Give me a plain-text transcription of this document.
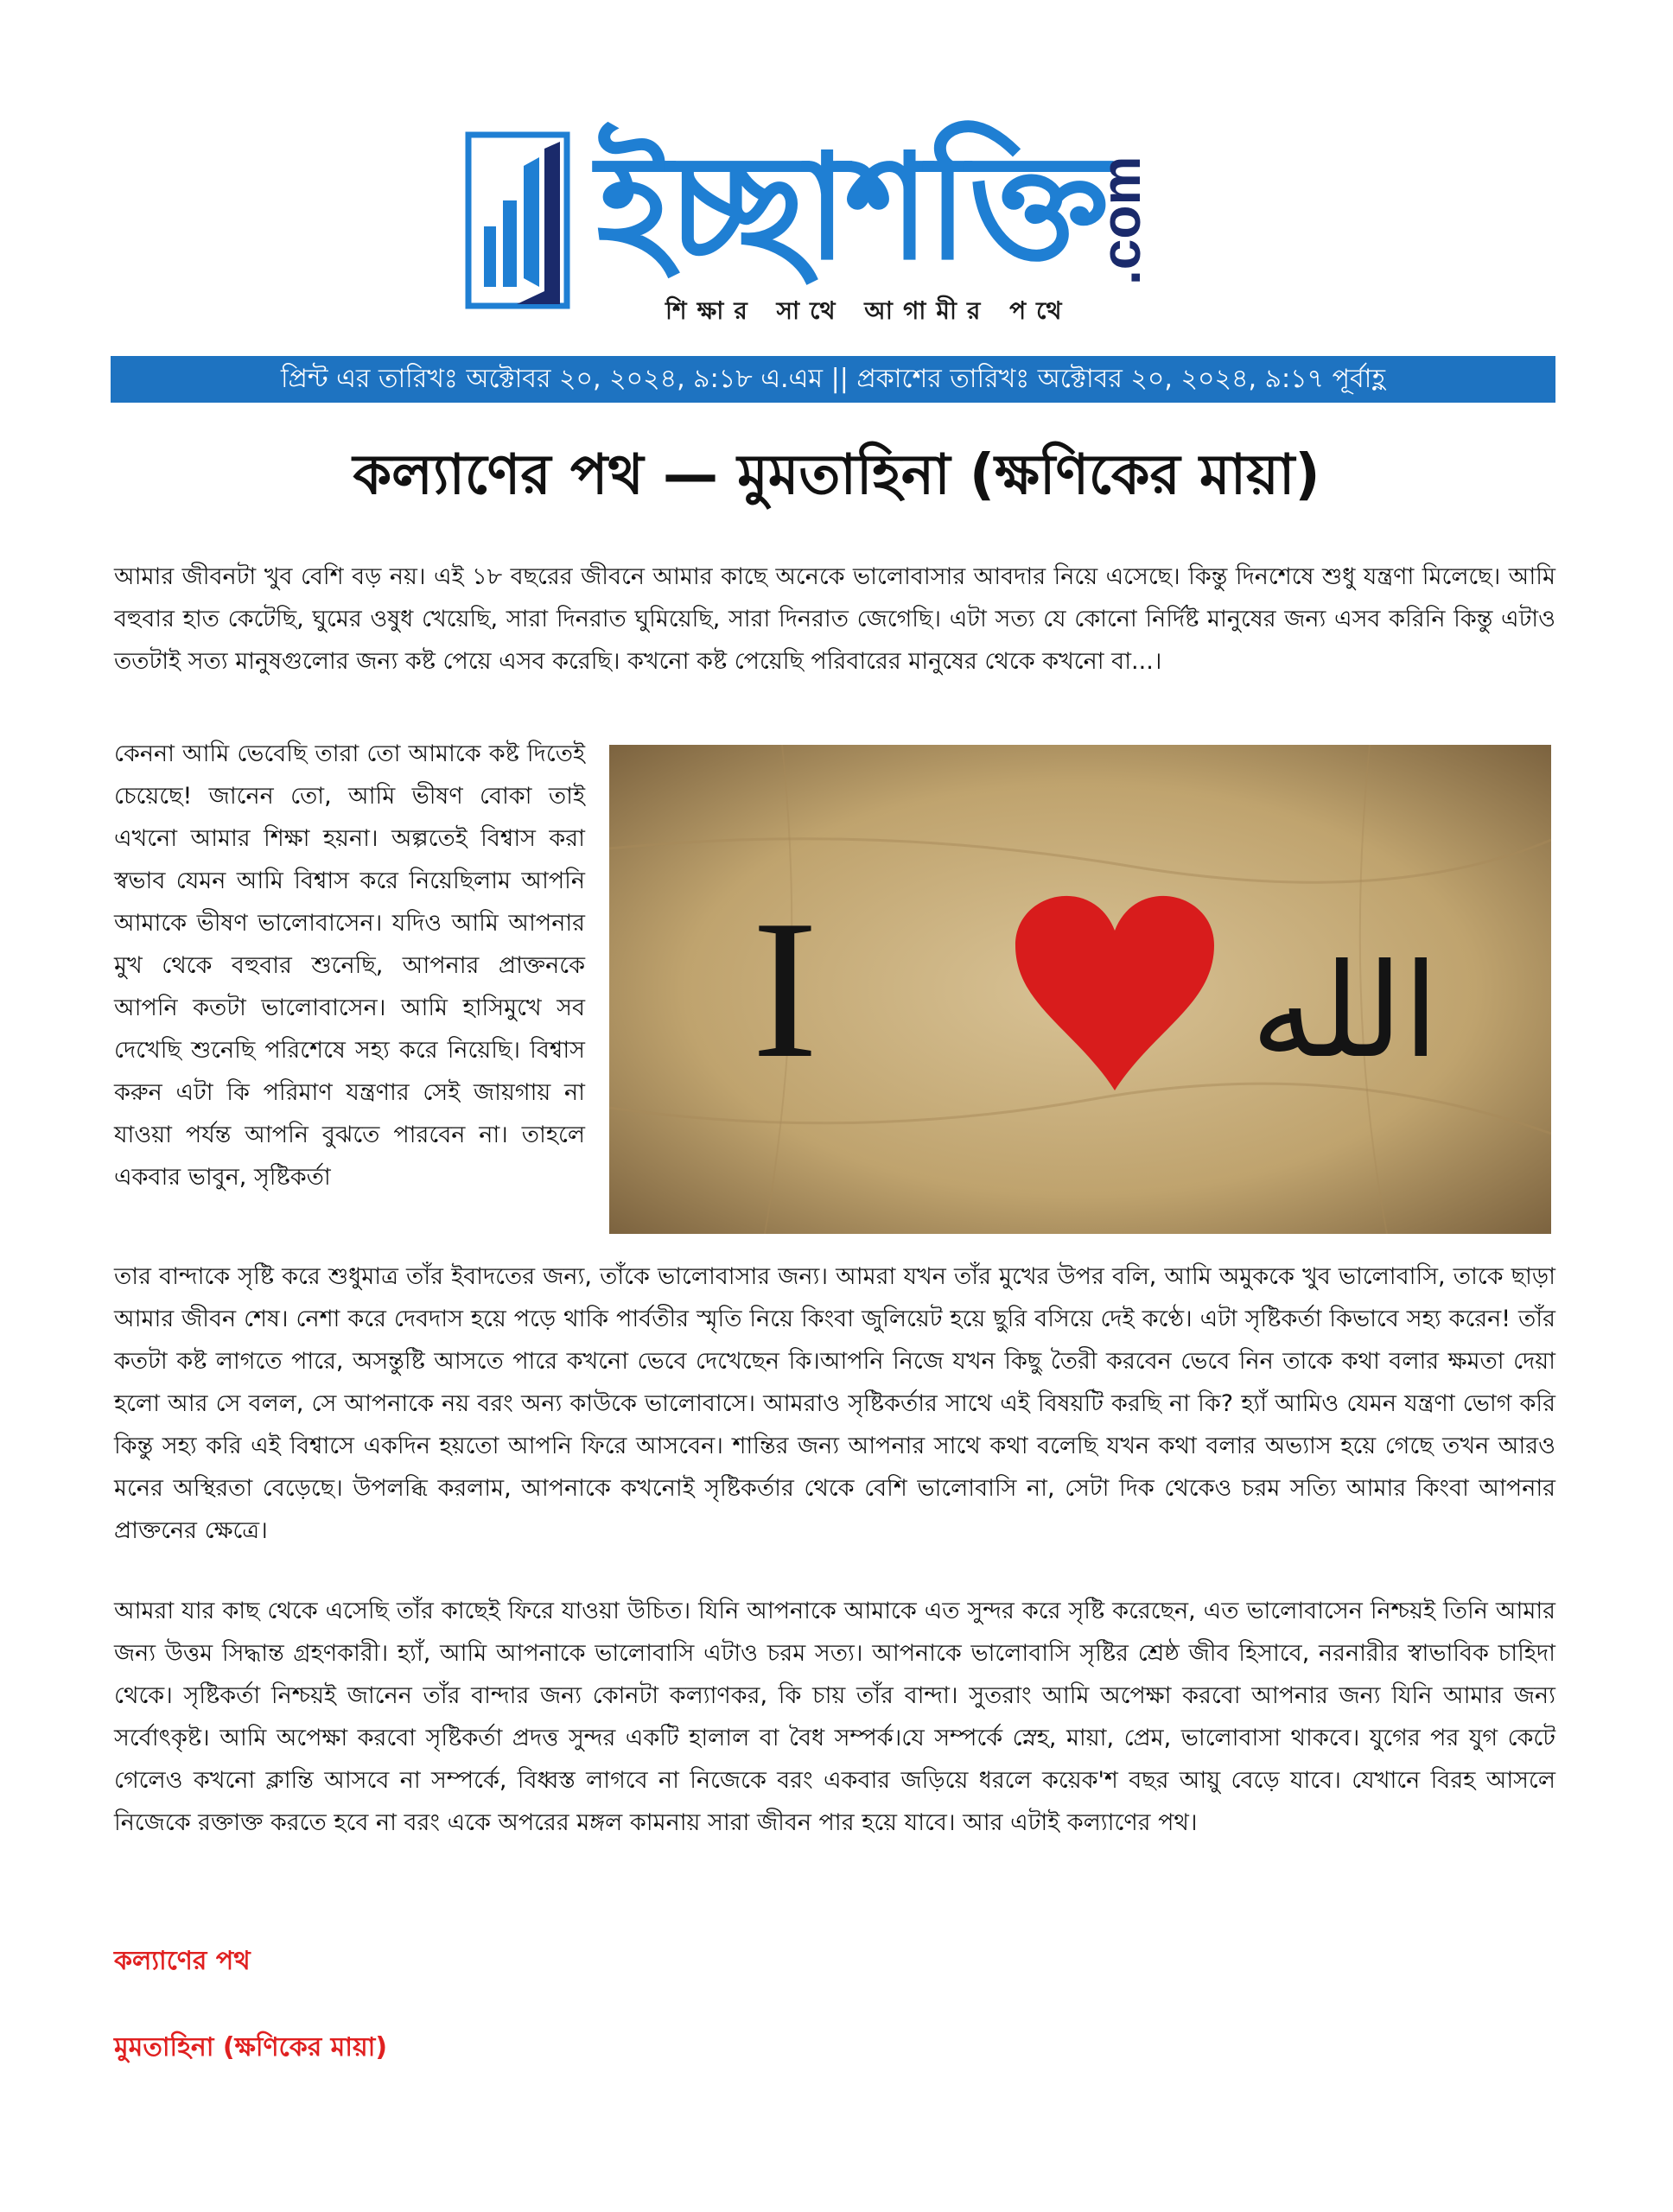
ইচ্ছাশক্তি
.com
শিক্ষার সাথে আগামীর পথে
প্রিন্ট এর তারিখঃ অক্টোবর ২০, ২০২৪, ৯:১৮ এ.এম || প্রকাশের তারিখঃ অক্টোবর ২০, ২০২৪, ৯:১৭ পূর্বাহ্ণ
কল্যাণের পথ — মুমতাহিনা (ক্ষণিকের মায়া)

আমার জীবনটা খুব বেশি বড় নয়। এই ১৮ বছরের জীবনে আমার কাছে অনেকে ভালোবাসার আবদার নিয়ে এসেছে। কিন্তু দিনশেষে শুধু যন্ত্রণা মিলেছে। আমি বহুবার হাত কেটেছি, ঘুমের ওষুধ খেয়েছি, সারা দিনরাত ঘুমিয়েছি, সারা দিনরাত জেগেছি। এটা সত্য যে কোনো নির্দিষ্ট মানুষের জন্য এসব করিনি কিন্তু এটাও ততটাই সত্য মানুষগুলোর জন্য কষ্ট পেয়ে এসব করেছি। কখনো কষ্ট পেয়েছি পরিবারের মানুষের থেকে কখনো বা...।

কেননা আমি ভেবেছি তারা তো আমাকে কষ্ট দিতেই চেয়েছে! জানেন তো, আমি ভীষণ বোকা তাই এখনো আমার শিক্ষা হয়না। অল্পতেই বিশ্বাস করা স্বভাব যেমন আমি বিশ্বাস করে নিয়েছিলাম আপনি আমাকে ভীষণ ভালোবাসেন। যদিও আমি আপনার মুখ থেকে বহুবার শুনেছি, আপনার প্রাক্তনকে আপনি কতটা ভালোবাসেন। আমি হাসিমুখে সব দেখেছি শুনেছি পরিশেষে সহ্য করে নিয়েছি। বিশ্বাস করুন এটা কি পরিমাণ যন্ত্রণার সেই জায়গায় না যাওয়া পর্যন্ত আপনি বুঝতে পারবেন না। তাহলে একবার ভাবুন, সৃষ্টিকর্তা

I	الله

তার বান্দাকে সৃষ্টি করে শুধুমাত্র তাঁর ইবাদতের জন্য, তাঁকে ভালোবাসার জন্য। আমরা যখন তাঁর মুখের উপর বলি, আমি অমুককে খুব ভালোবাসি, তাকে ছাড়া আমার জীবন শেষ। নেশা করে দেবদাস হয়ে পড়ে থাকি পার্বতীর স্মৃতি নিয়ে কিংবা জুলিয়েট হয়ে ছুরি বসিয়ে দেই কণ্ঠে। এটা সৃষ্টিকর্তা কিভাবে সহ্য করেন! তাঁর কতটা কষ্ট লাগতে পারে, অসন্তুষ্টি আসতে পারে কখনো ভেবে দেখেছেন কি।আপনি নিজে যখন কিছু তৈরী করবেন ভেবে নিন তাকে কথা বলার ক্ষমতা দেয়া হলো আর সে বলল, সে আপনাকে নয় বরং অন্য কাউকে ভালোবাসে। আমরাও সৃষ্টিকর্তার সাথে এই বিষয়টি করছি না কি? হ্যাঁ আমিও যেমন যন্ত্রণা ভোগ করি কিন্তু সহ্য করি এই বিশ্বাসে একদিন হয়তো আপনি ফিরে আসবেন। শান্তির জন্য আপনার সাথে কথা বলেছি যখন কথা বলার অভ্যাস হয়ে গেছে তখন আরও মনের অস্থিরতা বেড়েছে। উপলব্ধি করলাম, আপনাকে কখনোই সৃষ্টিকর্তার থেকে বেশি ভালোবাসি না, সেটা দিক থেকেও চরম সত্যি আমার কিংবা আপনার প্রাক্তনের ক্ষেত্রে।

আমরা যার কাছ থেকে এসেছি তাঁর কাছেই ফিরে যাওয়া উচিত। যিনি আপনাকে আমাকে এত সুন্দর করে সৃষ্টি করেছেন, এত ভালোবাসেন নিশ্চয়ই তিনি আমার জন্য উত্তম সিদ্ধান্ত গ্রহণকারী। হ্যাঁ, আমি আপনাকে ভালোবাসি এটাও চরম সত্য। আপনাকে ভালোবাসি সৃষ্টির শ্রেষ্ঠ জীব হিসাবে, নরনারীর স্বাভাবিক চাহিদা থেকে। সৃষ্টিকর্তা নিশ্চয়ই জানেন তাঁর বান্দার জন্য কোনটা কল্যাণকর, কি চায় তাঁর বান্দা। সুতরাং আমি অপেক্ষা করবো আপনার জন্য যিনি আমার জন্য সর্বোৎকৃষ্ট। আমি অপেক্ষা করবো সৃষ্টিকর্তা প্রদত্ত সুন্দর একটি হালাল বা বৈধ সম্পর্ক।যে সম্পর্কে স্নেহ, মায়া, প্রেম, ভালোবাসা থাকবে। যুগের পর যুগ কেটে গেলেও কখনো ক্লান্তি আসবে না সম্পর্কে, বিধ্বস্ত লাগবে না নিজেকে বরং একবার জড়িয়ে ধরলে কয়েক'শ বছর আয়ু বেড়ে যাবে। যেখানে বিরহ আসলে নিজেকে রক্তাক্ত করতে হবে না বরং একে অপরের মঙ্গল কামনায় সারা জীবন পার হয়ে যাবে। আর এটাই কল্যাণের পথ।

কল্যাণের পথ
মুমতাহিনা (ক্ষণিকের মায়া)
